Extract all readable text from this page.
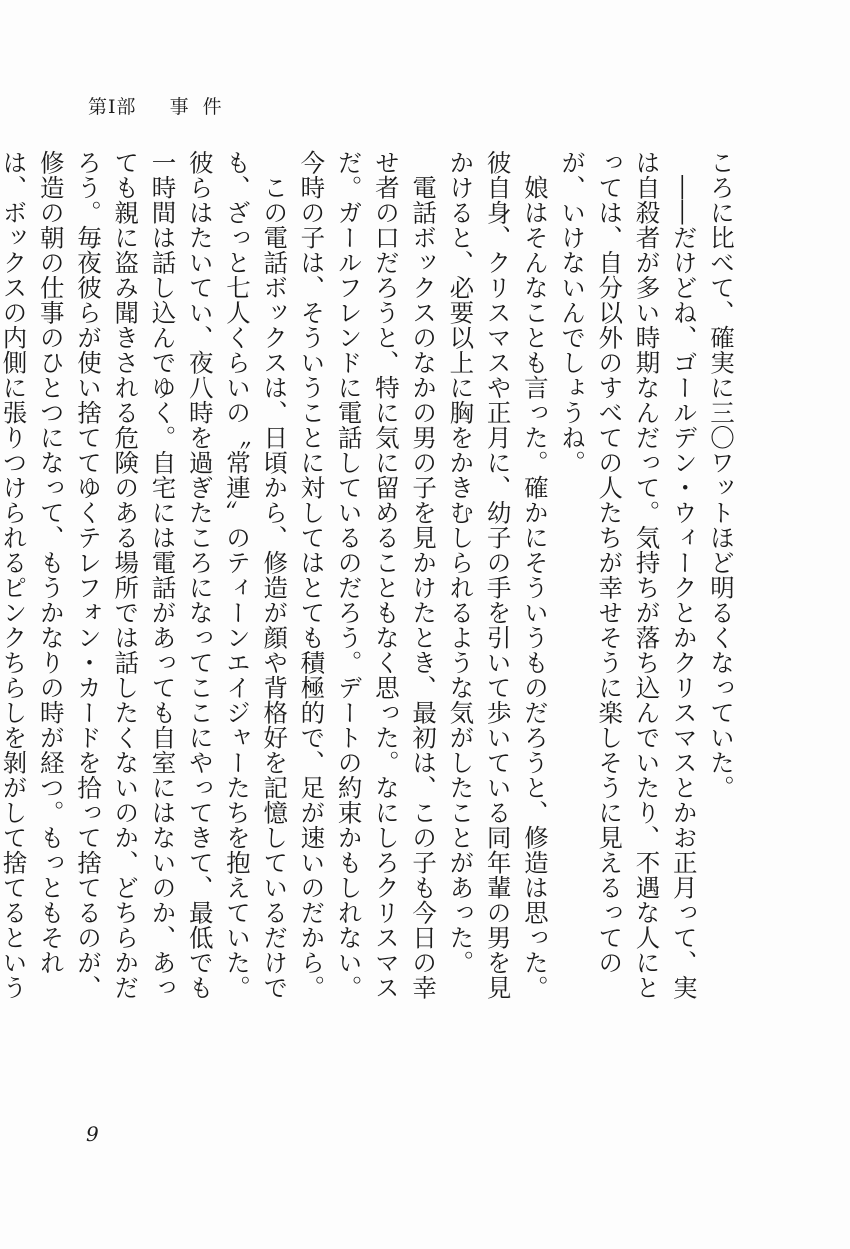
第Ⅰ部 事件

ころに比べて、確実に三〇ワットほど明るくなっていた。

――だけどね、ゴールデン・ウィークとかクリスマスとかお正月って、実は自殺者が多い時期なんだって。気持ちが落ち込んでいたり、不遇な人にとっては、自分以外のすべての人たちが幸せそうに楽しそうに見えるってのが、いけないんでしょうね。

娘はそんなことも言った。確かにそういうものだろうと、修造は思った。彼自身、クリスマスや正月に、幼子の手を引いて歩いている同年輩の男を見かけると、必要以上に胸をかきむしられるような気がしたことがあった。

電話ボックスのなかの男の子を見かけたとき、最初は、この子も今日の幸せ者の口だろうと、特に気に留めることもなく思った。なにしろクリスマスだ。ガールフレンドに電話しているのだろう。デートの約束かもしれない。今時の子は、そういうことに対してはとても積極的で、足が速いのだから。

この電話ボックスは、日頃から、修造が顔や背格好を記憶しているだけでも、ざっと七人くらいの〝常連〟のティーンエイジャーたちを抱えていた。彼らはたいてい、夜八時を過ぎたころになってここにやってきて、最低でも一時間は話し込んでゆく。自宅には電話があっても自室にはないのか、あっても親に盗み聞きされる危険のある場所では話したくないのか、どちらかだろう。毎夜彼らが使い捨ててゆくテレフォン・カードを拾って捨てるのが、修造の朝の仕事のひとつになって、もうかなりの時が経つ。もっともそれは、ボックスの内側に張りつけられるピンクちらしを剝がして捨てるという

9
